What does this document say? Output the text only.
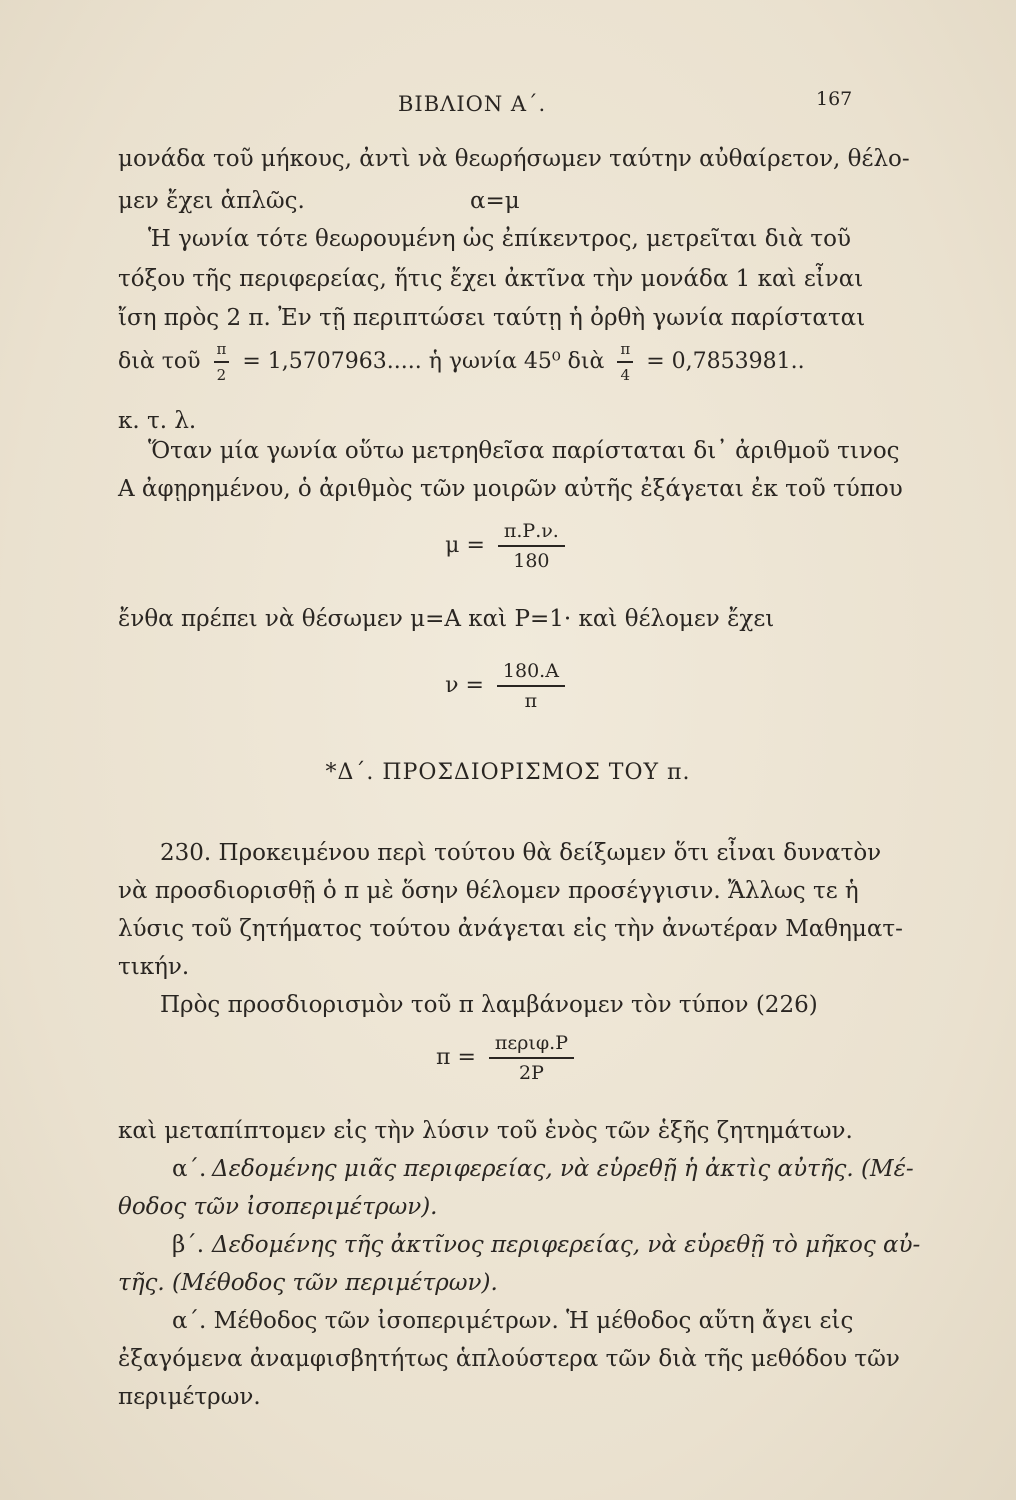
ΒΙΒΛΙΟΝ Α΄.	167
μονάδα τοῦ μήκους, ἀντὶ νὰ θεωρήσωμεν ταύτην αὐθαίρετον, θέλο-
μεν ἔχει ἁπλῶς.	α=μ
Ἡ γωνία τότε θεωρουμένη ὡς ἐπίκεντρος, μετρεῖται διὰ τοῦ
τόξου τῆς περιφερείας, ἥτις ἔχει ἀκτῖνα τὴν μονάδα 1 καὶ εἶναι
ἴση πρὸς 2 π. Ἐν τῇ περιπτώσει ταύτῃ ἡ ὀρθὴ γωνία παρίσταται
διὰ τοῦ $\frac{\pi}{2} = 1,5707963$..... ἡ γωνία 45⁰ διὰ $\frac{\pi}{4} = 0,7853981$..
κ. τ. λ.
Ὅταν μία γωνία οὕτω μετρηθεῖσα παρίσταται δι᾽ ἀριθμοῦ τινος
Α ἀφῃρημένου, ὁ ἀριθμὸς τῶν μοιρῶν αὐτῆς ἐξάγεται ἐκ τοῦ τύπου
$\mu = \frac{\pi.P.\nu.}{180}$
ἔνθα πρέπει νὰ θέσωμεν μ=Α καὶ Ρ=1· καὶ θέλομεν ἔχει
$\nu = \frac{180.A}{\pi}$
*Δ΄. ΠΡΟΣΔΙΟΡΙΣΜΟΣ ΤΟΥ π.
230. Προκειμένου περὶ τούτου θὰ δείξωμεν ὅτι εἶναι δυνατὸν
νὰ προσδιορισθῇ ὁ π μὲ ὅσην θέλομεν προσέγγισιν. Ἄλλως τε ἡ
λύσις τοῦ ζητήματος τούτου ἀνάγεται εἰς τὴν ἀνωτέραν Μαθηματ-
τικήν.
Πρὸς προσδιορισμὸν τοῦ π λαμβάνομεν τὸν τύπον (226)
$\pi = \frac{\text{περιφ.Ρ}}{2P}$
καὶ μεταπίπτομεν εἰς τὴν λύσιν τοῦ ἑνὸς τῶν ἑξῆς ζητημάτων.
α΄. Δεδομένης μιᾶς περιφερείας, νὰ εὑρεθῇ ἡ ἀκτὶς αὐτῆς. (Μέ-
θοδος τῶν ἰσοπεριμέτρων).
β΄. Δεδομένης τῆς ἀκτῖνος περιφερείας, νὰ εὑρεθῇ τὸ μῆκος αὐ-
τῆς. (Μέθοδος τῶν περιμέτρων).
α΄. Μέθοδος τῶν ἰσοπεριμέτρων. Ἡ μέθοδος αὕτη ἄγει εἰς
ἐξαγόμενα ἀναμφισβητήτως ἁπλούστερα τῶν διὰ τῆς μεθόδου τῶν
περιμέτρων.
